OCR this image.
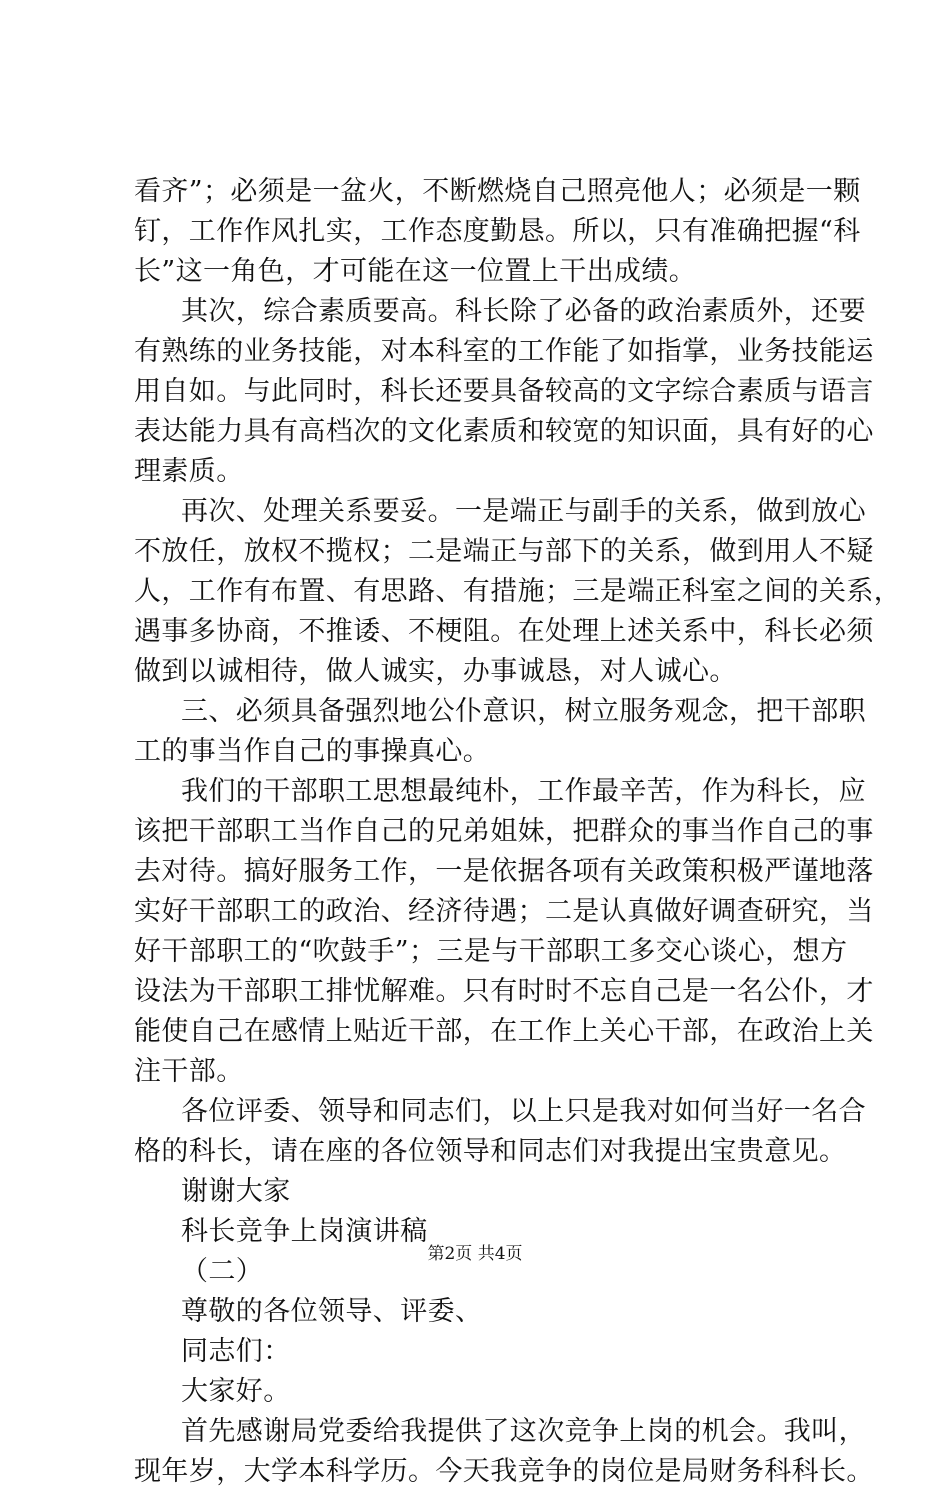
看齐”；必须是一盆火，不断燃烧自己照亮他人；必须是一颗
钉，工作作风扎实，工作态度勤恳。所以，只有准确把握“科
长”这一角色，才可能在这一位置上干出成绩。
其次，综合素质要高。科长除了必备的政治素质外，还要
有熟练的业务技能，对本科室的工作能了如指掌，业务技能运
用自如。与此同时，科长还要具备较高的文字综合素质与语言
表达能力具有高档次的文化素质和较宽的知识面，具有好的心
理素质。
再次、处理关系要妥。一是端正与副手的关系，做到放心
不放任，放权不揽权；二是端正与部下的关系，做到用人不疑
人，工作有布置、有思路、有措施；三是端正科室之间的关系，
遇事多协商，不推诿、不梗阻。在处理上述关系中，科长必须
做到以诚相待，做人诚实，办事诚恳，对人诚心。
三、必须具备强烈地公仆意识，树立服务观念，把干部职
工的事当作自己的事操真心。
我们的干部职工思想最纯朴，工作最辛苦，作为科长，应
该把干部职工当作自己的兄弟姐妹，把群众的事当作自己的事
去对待。搞好服务工作，一是依据各项有关政策积极严谨地落
实好干部职工的政治、经济待遇；二是认真做好调查研究，当
好干部职工的“吹鼓手”；三是与干部职工多交心谈心，想方
设法为干部职工排忧解难。只有时时不忘自己是一名公仆，才
能使自己在感情上贴近干部，在工作上关心干部，在政治上关
注干部。
各位评委、领导和同志们，以上只是我对如何当好一名合
格的科长，请在座的各位领导和同志们对我提出宝贵意见。
谢谢大家
科长竞争上岗演讲稿
（二）
尊敬的各位领导、评委、
同志们：
大家好。
首先感谢局党委给我提供了这次竞争上岗的机会。我叫，
现年岁，大学本科学历。今天我竞争的岗位是局财务科科长。
第2页 共4页
